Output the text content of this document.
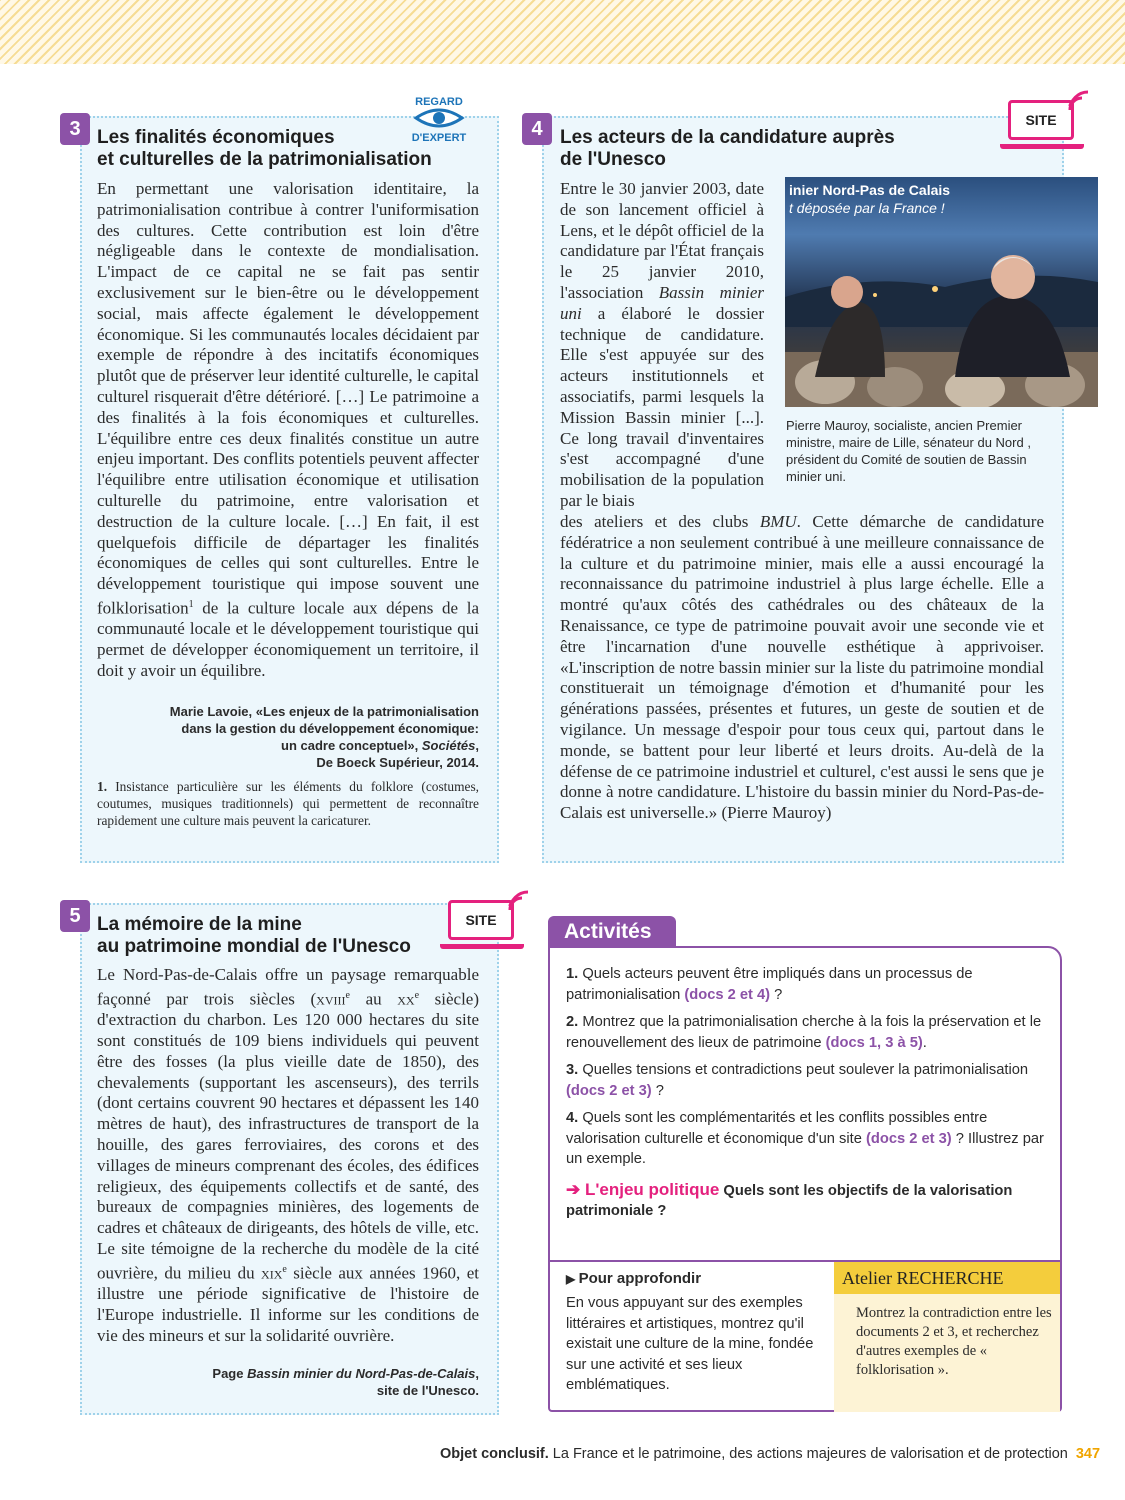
3
REGARD
D'EXPERT
Les finalités économiques
et culturelles de la patrimonialisation

En permettant une valorisation identitaire, la patrimonialisation contribue à contrer l'uniformisation des cultures. Cette contribution est loin d'être négligeable dans le contexte de mondialisation. L'impact de ce capital ne se fait pas sentir exclusivement sur le bien-être ou le développement social, mais affecte également le développement économique. Si les communautés locales décidaient par exemple de répondre à des incitatifs économiques plutôt que de préserver leur identité culturelle, le capital culturel risquerait d'être détérioré. […] Le patrimoine a des finalités à la fois économiques et culturelles. L'équilibre entre ces deux finalités constitue un autre enjeu important. Des conflits potentiels peuvent affecter l'équilibre entre utilisation économique et utilisation culturelle du patrimoine, entre valorisation et destruction de la culture locale. […] En fait, il est quelquefois difficile de départager les finalités économiques de celles qui sont culturelles. Entre le développement touristique qui impose souvent une folklorisation$^1$ de la culture locale aux dépens de la communauté locale et le développement touristique qui permet de développer économiquement un territoire, il doit y avoir un équilibre.

Marie Lavoie, «Les enjeux de la patrimonialisation
dans la gestion du développement économique:
un cadre conceptuel», Sociétés,
De Boeck Supérieur, 2014.
1. Insistance particulière sur les éléments du folklore (costumes, coutumes, musiques traditionnels) qui permettent de reconnaître rapidement une culture mais peuvent la caricaturer.
4	SITE
Les acteurs de la candidature auprès
de l'Unesco

Entre le 30 janvier 2003, date de son lancement officiel à Lens, et le dépôt officiel de la candidature par l'État français le 25 janvier 2010, l'association Bassin minier uni a élaboré le dossier technique de candidature. Elle s'est appuyée sur des acteurs institutionnels et associatifs, parmi lesquels la Mission Bassin minier [...]. Ce long travail d'inventaires s'est accompagné d'une mobilisation de la population par le biais

inier Nord-Pas de Calais
t déposée par la France !
Pierre Mauroy, socialiste, ancien Premier ministre, maire de Lille, sénateur du Nord , président du Comité de soutien de Bassin minier uni.

des ateliers et des clubs BMU. Cette démarche de candidature fédératrice a non seulement contribué à une meilleure connaissance de la culture et du patrimoine minier, mais elle a aussi encouragé la reconnaissance du patrimoine industriel à plus large échelle. Elle a montré qu'aux côtés des cathédrales ou des châteaux de la Renaissance, ce type de patrimoine pouvait avoir une seconde vie et être l'incarnation d'une nouvelle esthétique à apprivoiser. «L'inscription de notre bassin minier sur la liste du patrimoine mondial constituerait un témoignage d'émotion et d'humanité pour les générations passées, présentes et futures, un geste de soutien et de vigilance. Un message d'espoir pour tous ceux qui, partout dans le monde, se battent pour leur liberté et leurs droits. Au-delà de la défense de ce patrimoine industriel et culturel, c'est aussi le sens que je donne à notre candidature. L'histoire du bassin minier du Nord-Pas-de-Calais est universelle.» (Pierre Mauroy)

5	SITE
La mémoire de la mine
au patrimoine mondial de l'Unesco

Le Nord-Pas-de-Calais offre un paysage remarquable façonné par trois siècles (xviii$^e$ au $xx^e$ siècle) d'extraction du charbon. Les 120 000 hectares du site sont constitués de 109 biens individuels qui peuvent être des fosses (la plus vieille date de 1850), des chevalements (supportant les ascenseurs), des terrils (dont certains couvrent 90 hectares et dépassent les 140 mètres de haut), des infrastructures de transport de la houille, des gares ferroviaires, des corons et des villages de mineurs comprenant des écoles, des édifices religieux, des équipements collectifs et de santé, des bureaux de compagnies minières, des logements de cadres et châteaux de dirigeants, des hôtels de ville, etc. Le site témoigne de la recherche du modèle de la cité ouvrière, du milieu du xix$^e$ siècle aux années 1960, et illustre une période significative de l'histoire de l'Europe industrielle. Il informe sur les conditions de vie des mineurs et sur la solidarité ouvrière.

Page Bassin minier du Nord-Pas-de-Calais,
site de l'Unesco.
Activités
1. Quels acteurs peuvent être impliqués dans un processus de patrimonialisation (docs 2 et 4) ?
2. Montrez que la patrimonialisation cherche à la fois la préservation et le renouvellement des lieux de patrimoine (docs 1, 3 à 5).
3. Quelles tensions et contradictions peut soulever la patrimonialisation (docs 2 et 3) ?
4. Quels sont les complémentarités et les conflits possibles entre valorisation culturelle et économique d'un site (docs 2 et 3) ? Illustrez par un exemple.
➔ L'enjeu politique Quels sont les objectifs de la valorisation patrimoniale ?
▶ Pour approfondir
En vous appuyant sur des exemples littéraires et artistiques, montrez qu'il existait une culture de la mine, fondée sur une activité et ses lieux emblématiques.
Atelier RECHERCHE
Montrez la contradiction entre les documents 2 et 3, et recherchez d'autres exemples de « folklorisation ».
Objet conclusif. La France et le patrimoine, des actions majeures de valorisation et de protection 347
